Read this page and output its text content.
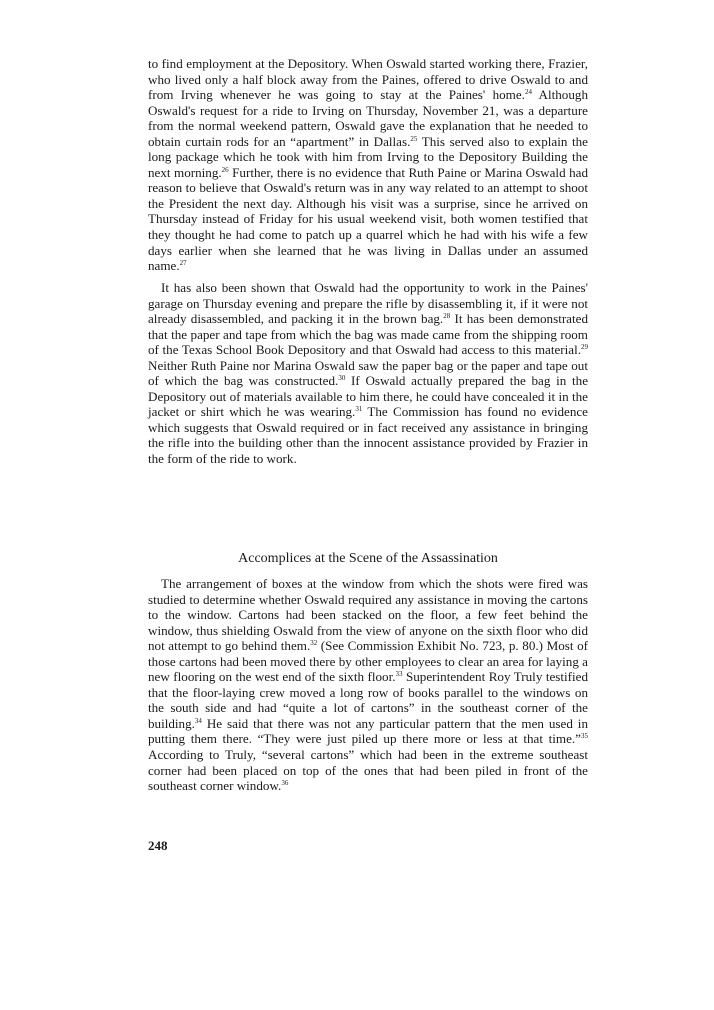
to find employment at the Depository. When Oswald started working there, Frazier, who lived only a half block away from the Paines, offered to drive Oswald to and from Irving whenever he was going to stay at the Paines' home.$^{24}$ Although Oswald's request for a ride to Irving on Thursday, November 21, was a departure from the normal weekend pattern, Oswald gave the explanation that he needed to obtain curtain rods for an “apartment” in Dallas.$^{25}$ This served also to explain the long package which he took with him from Irving to the Depository Building the next morning.$^{26}$ Further, there is no evidence that Ruth Paine or Marina Oswald had reason to believe that Oswald's return was in any way related to an attempt to shoot the President the next day. Although his visit was a surprise, since he arrived on Thursday instead of Friday for his usual weekend visit, both women testified that they thought he had come to patch up a quarrel which he had with his wife a few days earlier when she learned that he was living in Dallas under an assumed name.$^{27}$

It has also been shown that Oswald had the opportunity to work in the Paines' garage on Thursday evening and prepare the rifle by disassembling it, if it were not already disassembled, and packing it in the brown bag.$^{28}$ It has been demonstrated that the paper and tape from which the bag was made came from the shipping room of the Texas School Book Depository and that Oswald had access to this material.$^{29}$ Neither Ruth Paine nor Marina Oswald saw the paper bag or the paper and tape out of which the bag was constructed.$^{30}$ If Oswald actually prepared the bag in the Depository out of materials available to him there, he could have concealed it in the jacket or shirt which he was wearing.$^{31}$ The Commission has found no evidence which suggests that Oswald required or in fact received any assistance in bringing the rifle into the building other than the innocent assistance provided by Frazier in the form of the ride to work.

Accomplices at the Scene of the Assassination

The arrangement of boxes at the window from which the shots were fired was studied to determine whether Oswald required any assistance in moving the cartons to the window. Cartons had been stacked on the floor, a few feet behind the window, thus shielding Oswald from the view of anyone on the sixth floor who did not attempt to go behind them.$^{32}$ (See Commission Exhibit No. 723, p. 80.) Most of those cartons had been moved there by other employees to clear an area for laying a new flooring on the west end of the sixth floor.$^{33}$ Superintendent Roy Truly testified that the floor-laying crew moved a long row of books parallel to the windows on the south side and had “quite a lot of cartons” in the southeast corner of the building.$^{34}$ He said that there was not any particular pattern that the men used in putting them there. “They were just piled up there more or less at that time.”$^{35}$ According to Truly, “several cartons” which had been in the extreme southeast corner had been placed on top of the ones that had been piled in front of the southeast corner window.$^{36}$

248
